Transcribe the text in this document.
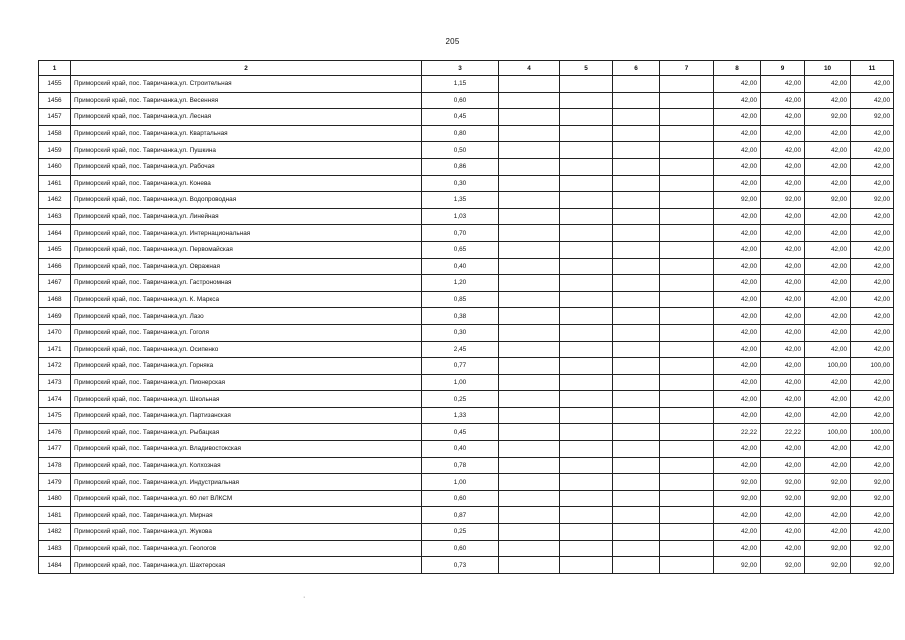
205
1	2	3	4	5	6	7	8	9	10	11
1455	Приморский край, пос. Тавричанка,ул. Строительная	1,15					42,00	42,00	42,00	42,00
1456	Приморский край, пос. Тавричанка,ул. Весенняя	0,60					42,00	42,00	42,00	42,00
1457	Приморский край, пос. Тавричанка,ул. Лесная	0,45					42,00	42,00	92,00	92,00
1458	Приморский край, пос. Тавричанка,ул. Квартальная	0,80					42,00	42,00	42,00	42,00
1459	Приморский край, пос. Тавричанка,ул. Пушкина	0,50					42,00	42,00	42,00	42,00
1460	Приморский край, пос. Тавричанка,ул. Рабочая	0,86					42,00	42,00	42,00	42,00
1461	Приморский край, пос. Тавричанка,ул. Конева	0,30					42,00	42,00	42,00	42,00
1462	Приморский край, пос. Тавричанка,ул. Водопроводная	1,35					92,00	92,00	92,00	92,00
1463	Приморский край, пос. Тавричанка,ул. Линейная	1,03					42,00	42,00	42,00	42,00
1464	Приморский край, пос. Тавричанка,ул. Интернациональная	0,70					42,00	42,00	42,00	42,00
1465	Приморский край, пос. Тавричанка,ул. Первомайская	0,65					42,00	42,00	42,00	42,00
1466	Приморский край, пос. Тавричанка,ул. Овражная	0,40					42,00	42,00	42,00	42,00
1467	Приморский край, пос. Тавричанка,ул. Гастрономная	1,20					42,00	42,00	42,00	42,00
1468	Приморский край, пос. Тавричанка,ул. К. Маркса	0,85					42,00	42,00	42,00	42,00
1469	Приморский край, пос. Тавричанка,ул. Лазо	0,38					42,00	42,00	42,00	42,00
1470	Приморский край, пос. Тавричанка,ул. Гоголя	0,30					42,00	42,00	42,00	42,00
1471	Приморский край, пос. Тавричанка,ул. Осипенко	2,45					42,00	42,00	42,00	42,00
1472	Приморский край, пос. Тавричанка,ул. Горняка	0,77					42,00	42,00	100,00	100,00
1473	Приморский край, пос. Тавричанка,ул. Пионерская	1,00					42,00	42,00	42,00	42,00
1474	Приморский край, пос. Тавричанка,ул. Школьная	0,25					42,00	42,00	42,00	42,00
1475	Приморский край, пос. Тавричанка,ул. Партизанская	1,33					42,00	42,00	42,00	42,00
1476	Приморский край, пос. Тавричанка,ул. Рыбацкая	0,45					22,22	22,22	100,00	100,00
1477	Приморский край, пос. Тавричанка,ул. Владивостокская	0,40					42,00	42,00	42,00	42,00
1478	Приморский край, пос. Тавричанка,ул. Колхозная	0,78					42,00	42,00	42,00	42,00
1479	Приморский край, пос. Тавричанка,ул. Индустриальная	1,00					92,00	92,00	92,00	92,00
1480	Приморский край, пос. Тавричанка,ул. 60 лет ВЛКСМ	0,60					92,00	92,00	92,00	92,00
1481	Приморский край, пос. Тавричанка,ул. Мирная	0,87					42,00	42,00	42,00	42,00
1482	Приморский край, пос. Тавричанка,ул. Жукова	0,25					42,00	42,00	42,00	42,00
1483	Приморский край, пос. Тавричанка,ул. Геологов	0,60					42,00	42,00	92,00	92,00
1484	Приморский край, пос. Тавричанка,ул. Шахтерская	0,73					92,00	92,00	92,00	92,00
·
